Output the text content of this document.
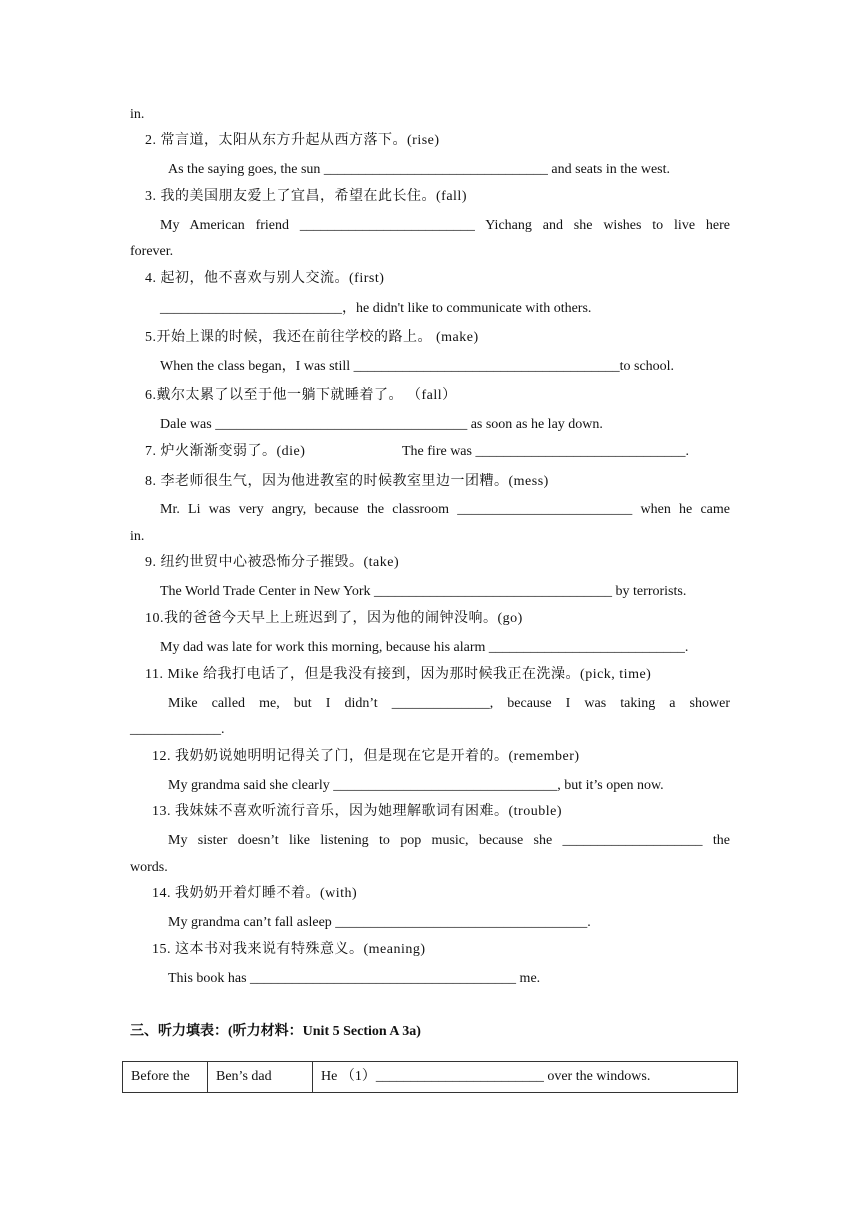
in.
2. 常言道，太阳从东方升起从西方落下。(rise)
As the saying goes, the sun ________________________________ and seats in the west.
3. 我的美国朋友爱上了宜昌，希望在此长住。(fall)
My American friend _________________________ Yichang and she wishes to live here
forever.
4. 起初，他不喜欢与别人交流。(first)
__________________________，he didn't like to communicate with others.
5.开始上课的时候，我还在前往学校的路上。 (make)
When the class began，I was still ______________________________________to school.
6.戴尔太累了以至于他一躺下就睡着了。 （fall）
Dale was ____________________________________ as soon as he lay down.
7. 炉火渐渐变弱了。(die)	The fire was ______________________________.
8. 李老师很生气，因为他进教室的时候教室里边一团糟。(mess)
Mr. Li was very angry, because the classroom _________________________ when he came
in.
9. 纽约世贸中心被恐怖分子摧毁。(take)
The World Trade Center in New York __________________________________ by terrorists.
10.我的爸爸今天早上上班迟到了，因为他的闹钟没响。(go)
My dad was late for work this morning, because his alarm ____________________________.
11. Mike 给我打电话了，但是我没有接到，因为那时候我正在洗澡。(pick, time)
Mike called me, but I didn’t ______________, because I was taking a shower
_____________.
12. 我奶奶说她明明记得关了门，但是现在它是开着的。(remember)
My grandma said she clearly ________________________________, but it’s open now.
13. 我妹妹不喜欢听流行音乐，因为她理解歌词有困难。(trouble)
My sister doesn’t like listening to pop music, because she ____________________ the
words.
14. 我奶奶开着灯睡不着。(with)
My grandma can’t fall asleep ____________________________________.
15. 这本书对我来说有特殊意义。(meaning)
This book has ______________________________________ me.
三、听力填表：(听力材料：Unit 5 Section A 3a)
Before the	Ben’s dad	He （1）________________________ over the windows.
